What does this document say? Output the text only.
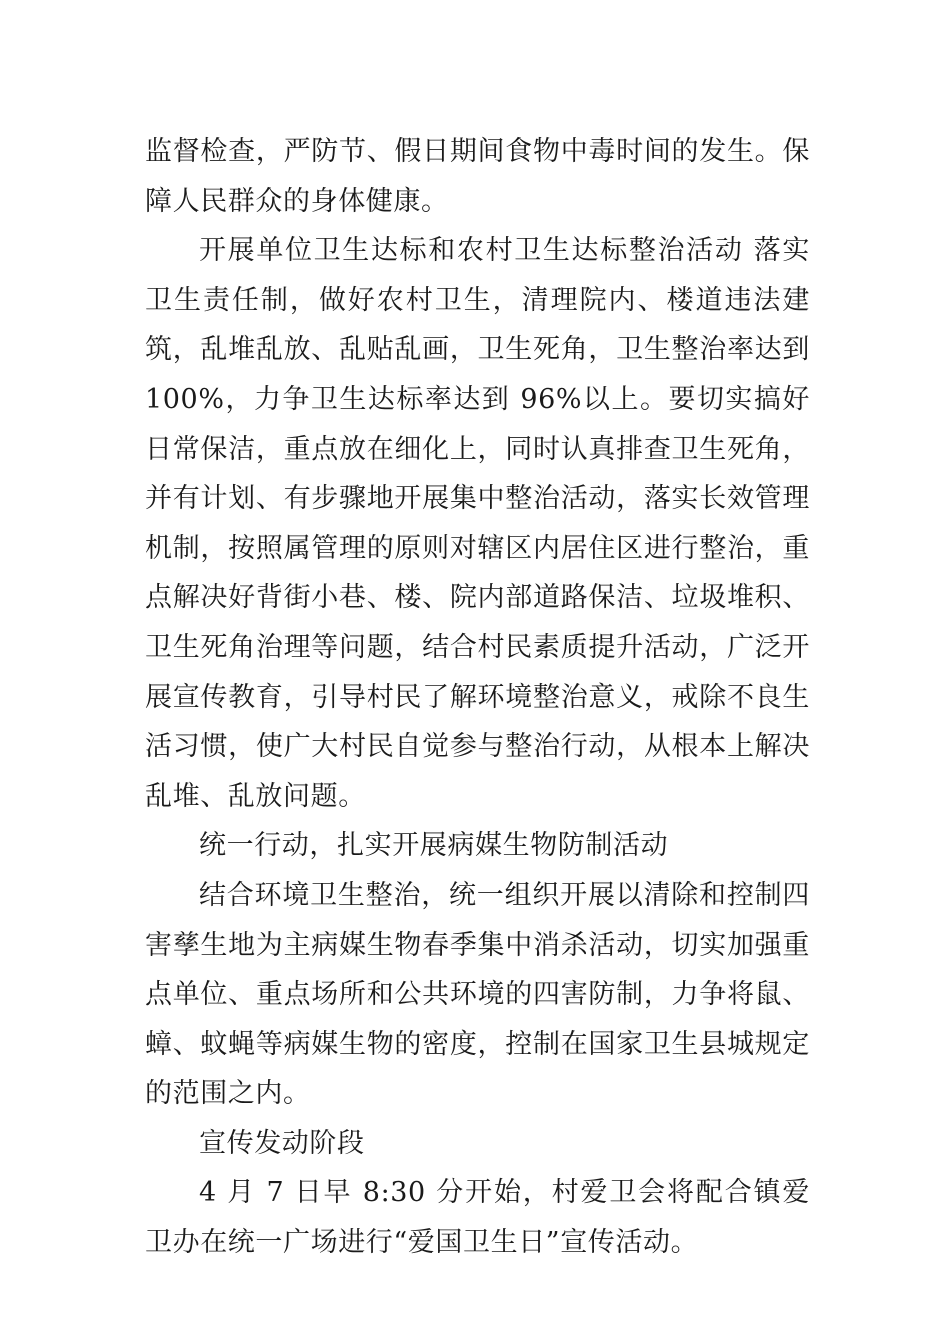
监督检查，严防节、假日期间食物中毒时间的发生。保障人民群众的身体健康。

开展单位卫生达标和农村卫生达标整治活动 落实卫生责任制，做好农村卫生，清理院内、楼道违法建筑，乱堆乱放、乱贴乱画，卫生死角，卫生整治率达到 100%，力争卫生达标率达到 96%以上。要切实搞好日常保洁，重点放在细化上，同时认真排查卫生死角，并有计划、有步骤地开展集中整治活动，落实长效管理机制，按照属管理的原则对辖区内居住区进行整治，重点解决好背街小巷、楼、院内部道路保洁、垃圾堆积、卫生死角治理等问题，结合村民素质提升活动，广泛开展宣传教育，引导村民了解环境整治意义，戒除不良生活习惯，使广大村民自觉参与整治行动，从根本上解决乱堆、乱放问题。

统一行动，扎实开展病媒生物防制活动

结合环境卫生整治，统一组织开展以清除和控制四害孳生地为主病媒生物春季集中消杀活动，切实加强重点单位、重点场所和公共环境的四害防制，力争将鼠、蟑、蚊蝇等病媒生物的密度，控制在国家卫生县城规定的范围之内。

宣传发动阶段

4 月 7 日早 8:30 分开始，村爱卫会将配合镇爱卫办在统一广场进行“爱国卫生日”宣传活动。
